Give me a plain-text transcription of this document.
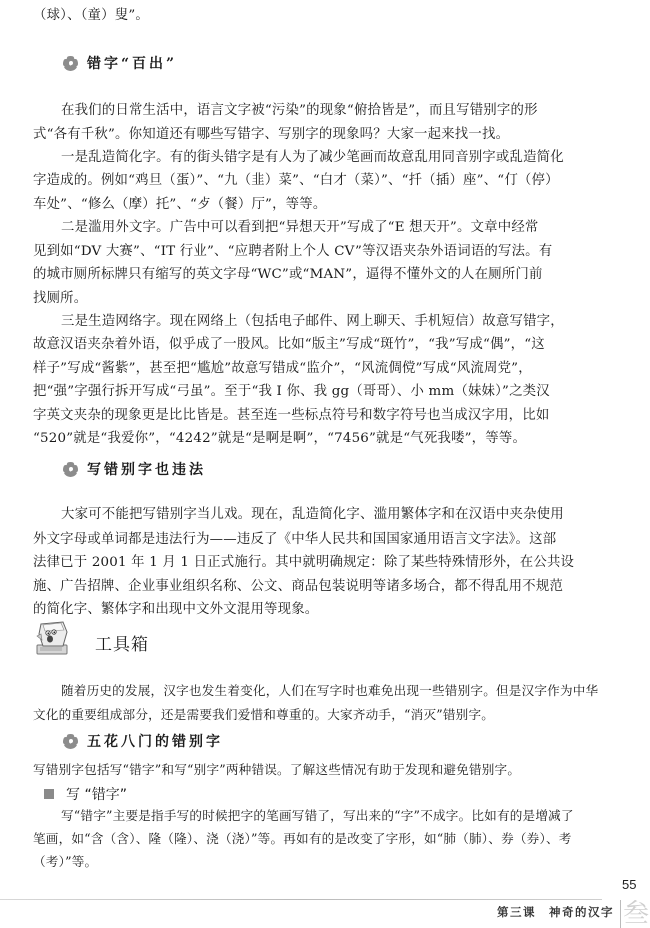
（球）、（童）叟”。
错字“百出”
在我们的日常生活中，语言文字被“污染”的现象“俯拾皆是”，而且写错别字的形
式“各有千秋”。你知道还有哪些写错字、写别字的现象吗？大家一起来找一找。
一是乱造简化字。有的街头错字是有人为了减少笔画而故意乱用同音别字或乱造简化
字造成的。例如“鸡旦（蛋）”、“九（韭）菜”、“白才（菜）”、“扦（插）座”、“仃（停）
车处”、“修么（摩）托”、“歺（餐）厅”，等等。
二是滥用外文字。广告中可以看到把“异想天开”写成了“E 想天开”。文章中经常
见到如“DV 大赛”、“IT 行业”、“应聘者附上个人 CV”等汉语夹杂外语词语的写法。有
的城市厕所标牌只有缩写的英文字母“WC”或“MAN”，逼得不懂外文的人在厕所门前
找厕所。
三是生造网络字。现在网络上（包括电子邮件、网上聊天、手机短信）故意写错字，
故意汉语夹杂着外语，似乎成了一股风。比如“版主”写成“斑竹”，“我”写成“偶”，“这
样子”写成“酱紫”，甚至把“尴尬”故意写错成“监介”，“风流倜傥”写成“风流周党”，
把“强”字强行拆开写成“弓虽”。至于“我 I 你、我 gg（哥哥）、小 mm（妹妹）”之类汉
字英文夹杂的现象更是比比皆是。甚至连一些标点符号和数字符号也当成汉字用，比如
“520”就是“我爱你”，“4242”就是“是啊是啊”，“7456”就是“气死我喽”，等等。
写错别字也违法
大家可不能把写错别字当儿戏。现在，乱造简化字、滥用繁体字和在汉语中夹杂使用
外文字母或单词都是违法行为——违反了《中华人民共和国国家通用语言文字法》。这部
法律已于 2001 年 1 月 1 日正式施行。其中就明确规定：除了某些特殊情形外，在公共设
施、广告招牌、企业事业组织名称、公文、商品包装说明等诸多场合，都不得乱用不规范
的简化字、繁体字和出现中文外文混用等现象。
工具箱
随着历史的发展，汉字也发生着变化，人们在写字时也难免出现一些错别字。但是汉字作为中华
文化的重要组成部分，还是需要我们爱惜和尊重的。大家齐动手，“消灭”错别字。
五花八门的错别字
写错别字包括写“错字”和写“别字”两种错误。了解这些情况有助于发现和避免错别字。
写 “错字”
写“错字”主要是指手写的时候把字的笔画写错了，写出来的“字”不成字。比如有的是增减了
笔画，如“含（含）、隆（隆）、浇（浇）”等。再如有的是改变了字形，如“肺（肺）、券（券）、考
（考）”等。
55
第三课　神奇的汉字 叁
